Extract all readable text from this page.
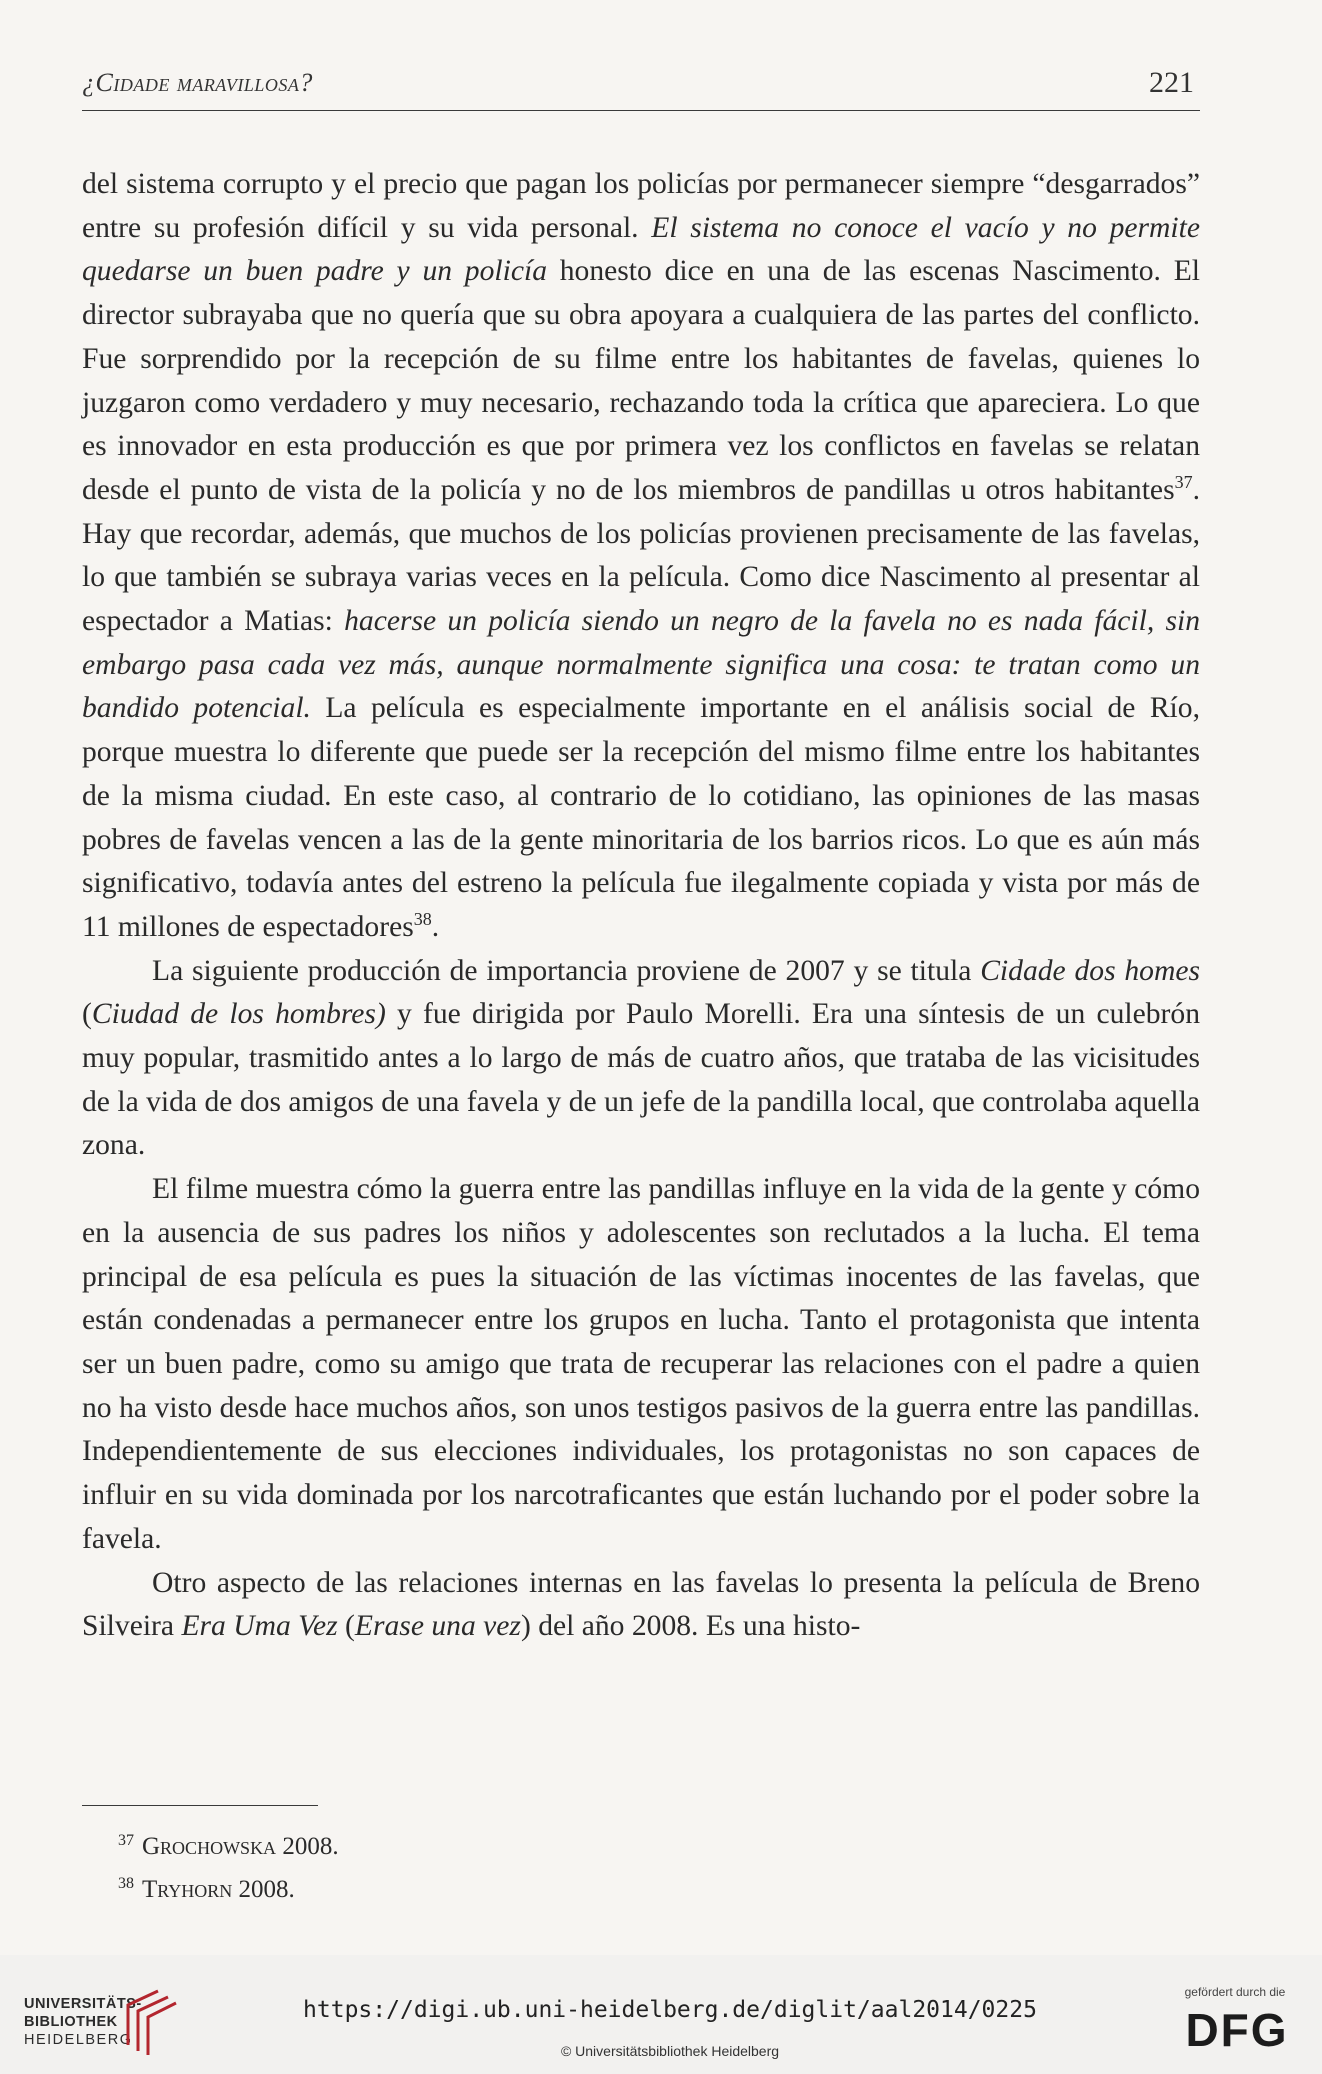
¿Cidade maravillosa?	221

del sistema corrupto y el precio que pagan los policías por permanecer siempre “desgarrados” entre su profesión difícil y su vida personal. El sistema no conoce el vacío y no permite quedarse un buen padre y un policía honesto dice en una de las escenas Nascimento. El director subrayaba que no quería que su obra apoyara a cualquiera de las partes del conflicto. Fue sorprendido por la recepción de su filme entre los habitantes de favelas, quienes lo juzgaron como verdadero y muy necesario, rechazando toda la crítica que apareciera. Lo que es innovador en esta producción es que por primera vez los conflictos en favelas se relatan desde el punto de vista de la policía y no de los miembros de pandillas u otros habitantes$^{37}$. Hay que recordar, además, que muchos de los policías provienen precisamente de las favelas, lo que también se subraya varias veces en la película. Como dice Nascimento al presentar al espectador a Matias: hacerse un policía siendo un negro de la favela no es nada fácil, sin embargo pasa cada vez más, aunque normalmente significa una cosa: te tratan como un bandido potencial. La película es especialmente importante en el análisis social de Río, porque muestra lo diferente que puede ser la recepción del mismo filme entre los habitantes de la misma ciudad. En este caso, al contrario de lo cotidiano, las opiniones de las masas pobres de favelas vencen a las de la gente minoritaria de los barrios ricos. Lo que es aún más significativo, todavía antes del estreno la película fue ilegalmente copiada y vista por más de 11 millones de espectadores$^{38}$.

La siguiente producción de importancia proviene de 2007 y se titula Cidade dos homes (Ciudad de los hombres) y fue dirigida por Paulo Morelli. Era una síntesis de un culebrón muy popular, trasmitido antes a lo largo de más de cuatro años, que trataba de las vicisitudes de la vida de dos amigos de una favela y de un jefe de la pandilla local, que controlaba aquella zona.

El filme muestra cómo la guerra entre las pandillas influye en la vida de la gente y cómo en la ausencia de sus padres los niños y adolescentes son reclutados a la lucha. El tema principal de esa película es pues la situación de las víctimas inocentes de las favelas, que están condenadas a permanecer entre los grupos en lucha. Tanto el protagonista que intenta ser un buen padre, como su amigo que trata de recuperar las relaciones con el padre a quien no ha visto desde hace muchos años, son unos testigos pasivos de la guerra entre las pandillas. Independientemente de sus elecciones individuales, los protagonistas no son capaces de influir en su vida dominada por los narcotraficantes que están luchando por el poder sobre la favela.

Otro aspecto de las relaciones internas en las favelas lo presenta la película de Breno Silveira Era Uma Vez (Erase una vez) del año 2008. Es una histo-

$^{37}$ Grochowska 2008.
$^{38}$ Tryhorn 2008.
UNIVERSITÄTS-
BIBLIOTHEK
HEIDELBERG
https://digi.ub.uni-heidelberg.de/diglit/aal2014/0225
© Universitätsbibliothek Heidelberg
gefördert durch die
DFG
